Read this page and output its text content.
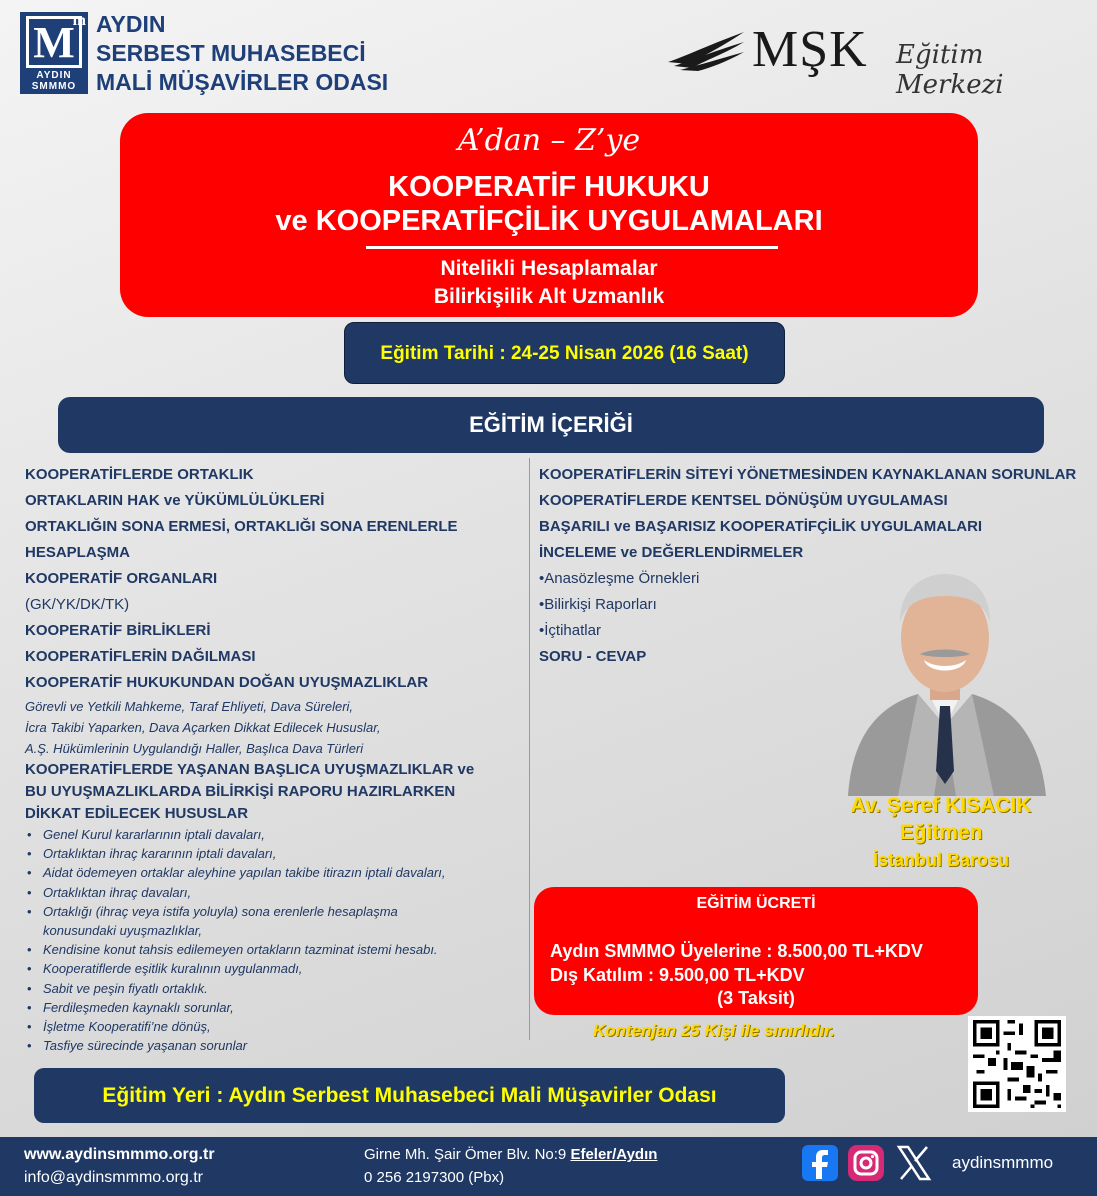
M
m
AYDIN
SMMMO
AYDIN
SERBEST MUHASEBECİ
MALİ MÜŞAVİRLER ODASI
MŞK Eğitim Merkezi
A’dan – Z’ye
KOOPERATİF HUKUKU
ve KOOPERATİFÇİLİK UYGULAMALARI
Nitelikli Hesaplamalar
Bilirkişilik Alt Uzmanlık
Eğitim Tarihi : 24-25 Nisan 2026 (16 Saat)
EĞİTİM İÇERİĞİ
KOOPERATİFLERDE ORTAKLIK
ORTAKLARIN HAK ve YÜKÜMLÜLÜKLERİ
ORTAKLIĞIN SONA ERMESİ, ORTAKLIĞI SONA ERENLERLE
HESAPLAŞMA
KOOPERATİF ORGANLARI
(GK/YK/DK/TK)
KOOPERATİF BİRLİKLERİ
KOOPERATİFLERİN DAĞILMASI
KOOPERATİF HUKUKUNDAN DOĞAN UYUŞMAZLIKLAR
Görevli ve Yetkili Mahkeme, Taraf Ehliyeti, Dava Süreleri,
İcra Takibi Yaparken, Dava Açarken Dikkat Edilecek Hususlar,
A.Ş. Hükümlerinin Uygulandığı Haller, Başlıca Dava Türleri
KOOPERATİFLERDE YAŞANAN BAŞLICA UYUŞMAZLIKLAR ve
BU UYUŞMAZLIKLARDA BİLİRKİŞİ RAPORU HAZIRLARKEN
DİKKAT EDİLECEK HUSUSLAR
• Genel Kurul kararlarının iptali davaları,
• Ortaklıktan ihraç kararının iptali davaları,
• Aidat ödemeyen ortaklar aleyhine yapılan takibe itirazın iptali davaları,
• Ortaklıktan ihraç davaları,
• Ortaklığı (ihraç veya istifa yoluyla) sona erenlerle hesaplaşma
konusundaki uyuşmazlıklar,
• Kendisine konut tahsis edilemeyen ortakların tazminat istemi hesabı.
• Kooperatiflerde eşitlik kuralının uygulanmadı,
• Sabit ve peşin fiyatlı ortaklık.
• Ferdileşmeden kaynaklı sorunlar,
• İşletme Kooperatifi’ne dönüş,
• Tasfiye sürecinde yaşanan sorunlar
KOOPERATİFLERİN SİTEYİ YÖNETMESİNDEN KAYNAKLANAN SORUNLAR
KOOPERATİFLERDE KENTSEL DÖNÜŞÜM UYGULAMASI
BAŞARILI ve BAŞARISIZ KOOPERATİFÇİLİK UYGULAMALARI
İNCELEME ve DEĞERLENDİRMELER
•Anasözleşme Örnekleri
•Bilirkişi Raporları
•İçtihatlar
SORU - CEVAP
Av. Şeref KISACIK
Eğitmen
İstanbul Barosu
EĞİTİM ÜCRETİ
Aydın SMMMO Üyelerine : 8.500,00 TL+KDV
Dış Katılım : 9.500,00 TL+KDV
(3 Taksit)
Kontenjan 25 Kişi ile sınırlıdır.
Eğitim Yeri : Aydın Serbest Muhasebeci Mali Müşavirler Odası
www.aydinsmmmo.org.tr
info@aydinsmmmo.org.tr
Girne Mh. Şair Ömer Blv. No:9 Efeler/Aydın
0 256 2197300 (Pbx)
aydinsmmmo
